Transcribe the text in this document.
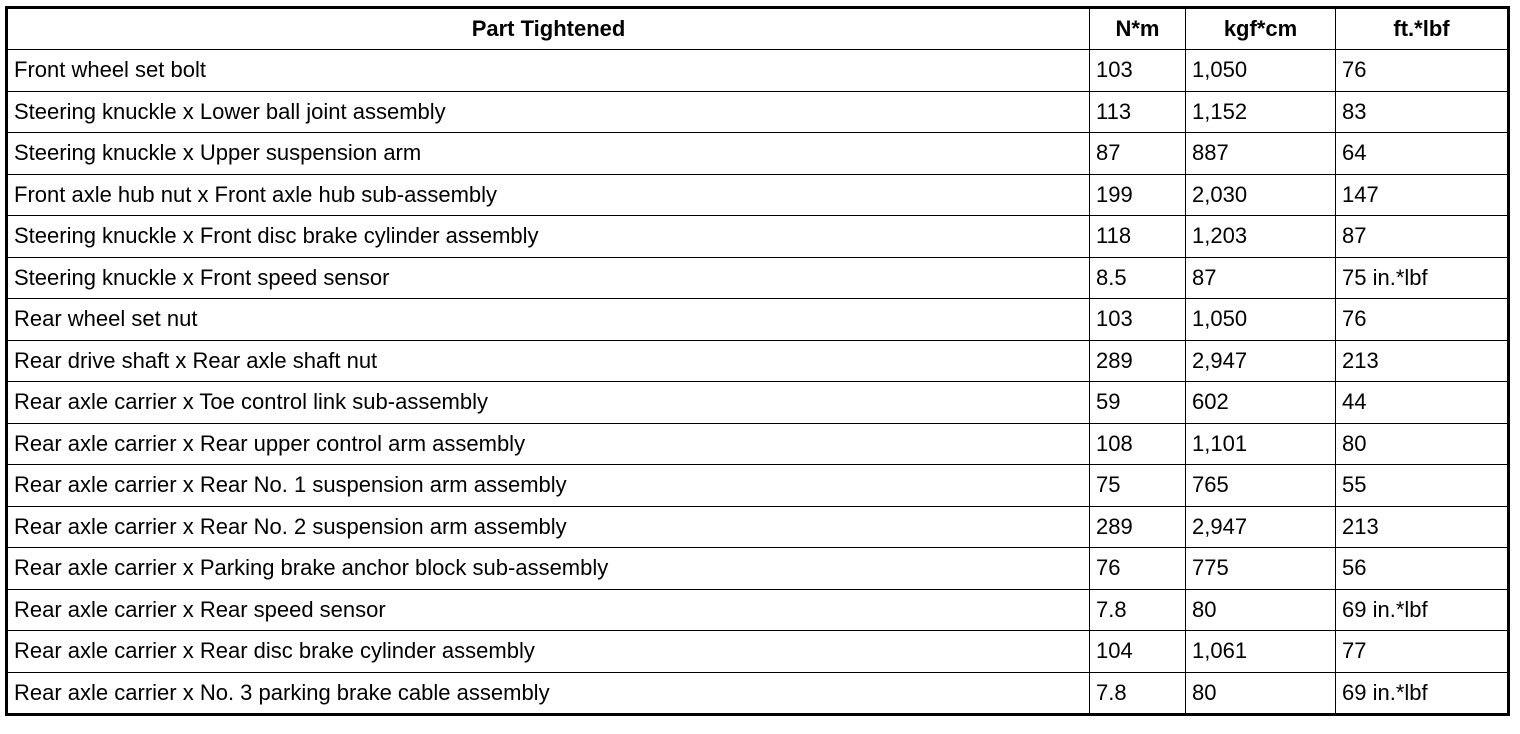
Part Tightened	N*m	kgf*cm	ft.*lbf
Front wheel set bolt	103	1,050	76
Steering knuckle x Lower ball joint assembly	113	1,152	83
Steering knuckle x Upper suspension arm	87	887	64
Front axle hub nut x Front axle hub sub-assembly	199	2,030	147
Steering knuckle x Front disc brake cylinder assembly	118	1,203	87
Steering knuckle x Front speed sensor	8.5	87	75 in.*lbf
Rear wheel set nut	103	1,050	76
Rear drive shaft x Rear axle shaft nut	289	2,947	213
Rear axle carrier x Toe control link sub-assembly	59	602	44
Rear axle carrier x Rear upper control arm assembly	108	1,101	80
Rear axle carrier x Rear No. 1 suspension arm assembly	75	765	55
Rear axle carrier x Rear No. 2 suspension arm assembly	289	2,947	213
Rear axle carrier x Parking brake anchor block sub-assembly	76	775	56
Rear axle carrier x Rear speed sensor	7.8	80	69 in.*lbf
Rear axle carrier x Rear disc brake cylinder assembly	104	1,061	77
Rear axle carrier x No. 3 parking brake cable assembly	7.8	80	69 in.*lbf
